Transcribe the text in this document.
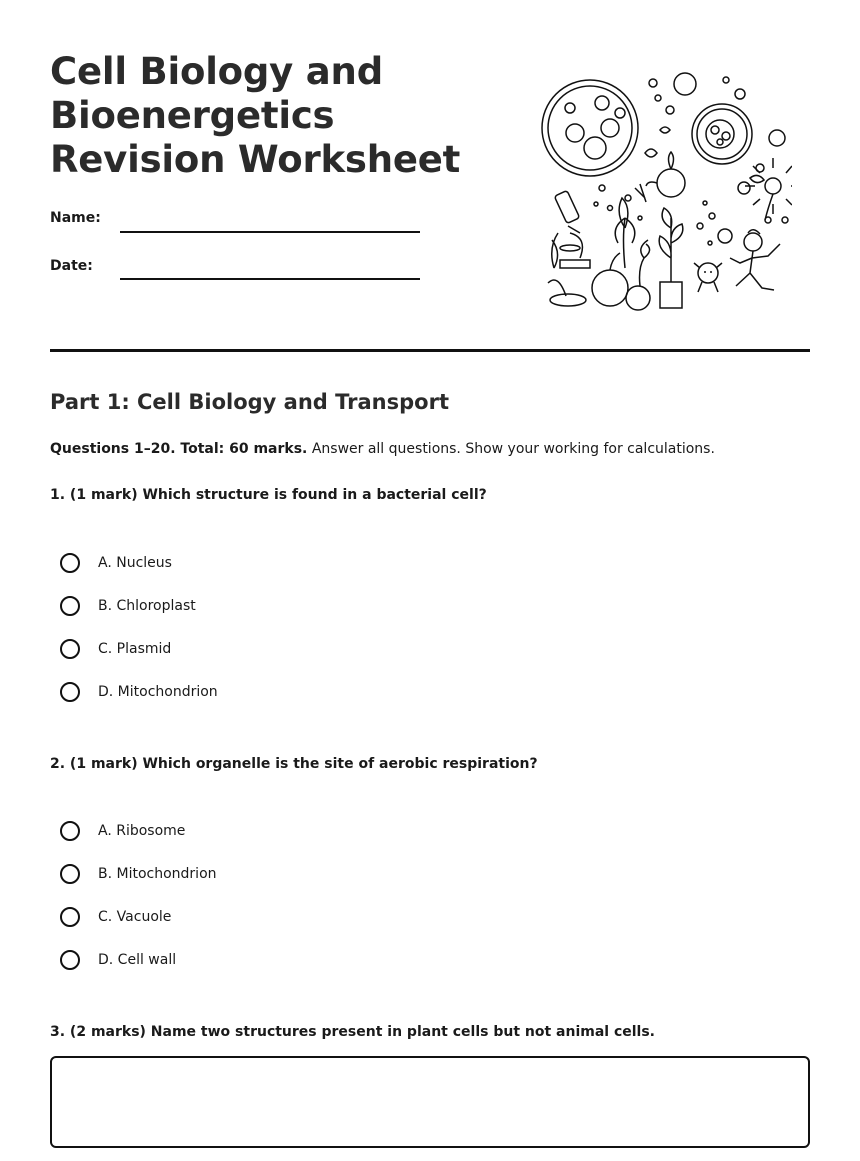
Cell Biology and Bioenergetics Revision Worksheet
Name:
Date:
Part 1: Cell Biology and Transport
Questions 1–20. Total: 60 marks. Answer all questions. Show your working for calculations.
1. (1 mark) Which structure is found in a bacterial cell?
A. Nucleus
B. Chloroplast
C. Plasmid
D. Mitochondrion
2. (1 mark) Which organelle is the site of aerobic respiration?
A. Ribosome
B. Mitochondrion
C. Vacuole
D. Cell wall
3. (2 marks) Name two structures present in plant cells but not animal cells.
